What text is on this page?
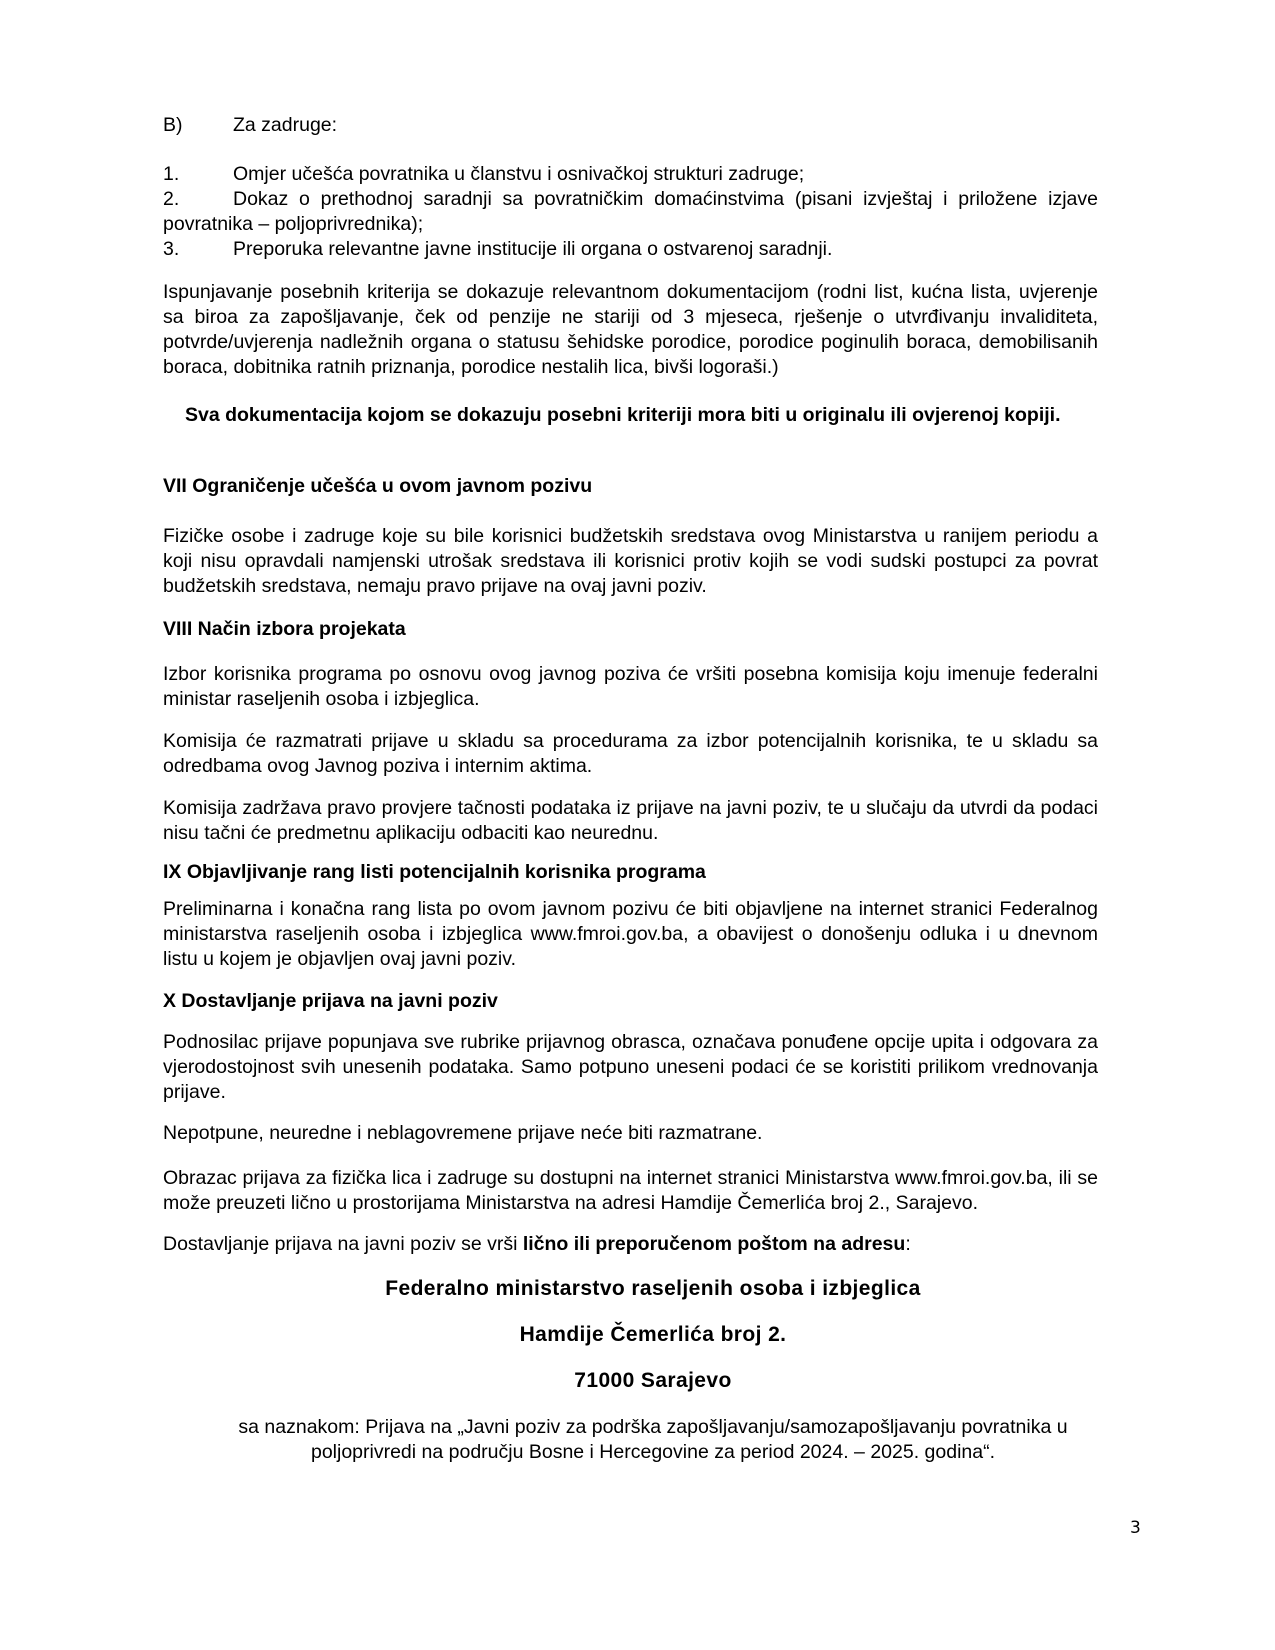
B)	Za zadruge:
1.	Omjer učešća povratnika u članstvu i osnivačkoj strukturi zadruge;
2.	Dokaz o prethodnoj saradnji sa povratničkim domaćinstvima (pisani izvještaj i priložene izjave povratnika – poljoprivrednika);
3.	Preporuka relevantne javne institucije ili organa o ostvarenoj saradnji.
Ispunjavanje posebnih kriterija se dokazuje relevantnom dokumentacijom (rodni list, kućna lista, uvjerenje sa biroa za zapošljavanje, ček od penzije ne stariji od 3 mjeseca, rješenje o utvrđivanju invaliditeta, potvrde/uvjerenja nadležnih organa o statusu šehidske porodice, porodice poginulih boraca, demobilisanih boraca, dobitnika ratnih priznanja, porodice nestalih lica, bivši logoraši.)
Sva dokumentacija kojom se dokazuju posebni kriteriji mora biti u originalu ili ovjerenoj kopiji.
VII Ograničenje učešća u ovom javnom pozivu
Fizičke osobe i zadruge koje su bile korisnici budžetskih sredstava ovog Ministarstva u ranijem periodu a koji nisu opravdali namjenski utrošak sredstava ili korisnici protiv kojih se vodi sudski postupci za povrat budžetskih sredstava, nemaju pravo prijave na ovaj javni poziv.
VIII Način izbora projekata
Izbor korisnika programa po osnovu ovog javnog poziva će vršiti posebna komisija koju imenuje federalni ministar raseljenih osoba i izbjeglica.
Komisija će razmatrati prijave u skladu sa procedurama za izbor potencijalnih korisnika, te u skladu sa odredbama ovog Javnog poziva i internim aktima.
Komisija zadržava pravo provjere tačnosti podataka iz prijave na javni poziv, te u slučaju da utvrdi da podaci nisu tačni će predmetnu aplikaciju odbaciti kao neurednu.
IX Objavljivanje rang listi potencijalnih korisnika programa
Preliminarna i konačna rang lista po ovom javnom pozivu će biti objavljene na internet stranici Federalnog ministarstva raseljenih osoba i izbjeglica www.fmroi.gov.ba, a obavijest o donošenju odluka i u dnevnom listu u kojem je objavljen ovaj javni poziv.
X Dostavljanje prijava na javni poziv
Podnosilac prijave popunjava sve rubrike prijavnog obrasca, označava ponuđene opcije upita i odgovara za vjerodostojnost svih unesenih podataka. Samo potpuno uneseni podaci će se koristiti prilikom vrednovanja prijave.
Nepotpune, neuredne i neblagovremene prijave neće biti razmatrane.
Obrazac prijava za fizička lica i zadruge su dostupni na internet stranici Ministarstva www.fmroi.gov.ba, ili se može preuzeti lično u prostorijama Ministarstva na adresi Hamdije Čemerlića broj 2., Sarajevo.
Dostavljanje prijava na javni poziv se vrši lično ili preporučenom poštom na adresu:
Federalno ministarstvo raseljenih osoba i izbjeglica
Hamdije Čemerlića broj 2.
71000 Sarajevo
sa naznakom: Prijava na „Javni poziv za podrška zapošljavanju/samozapošljavanju povratnika u
poljoprivredi na području Bosne i Hercegovine za period 2024. – 2025. godina“.
3
